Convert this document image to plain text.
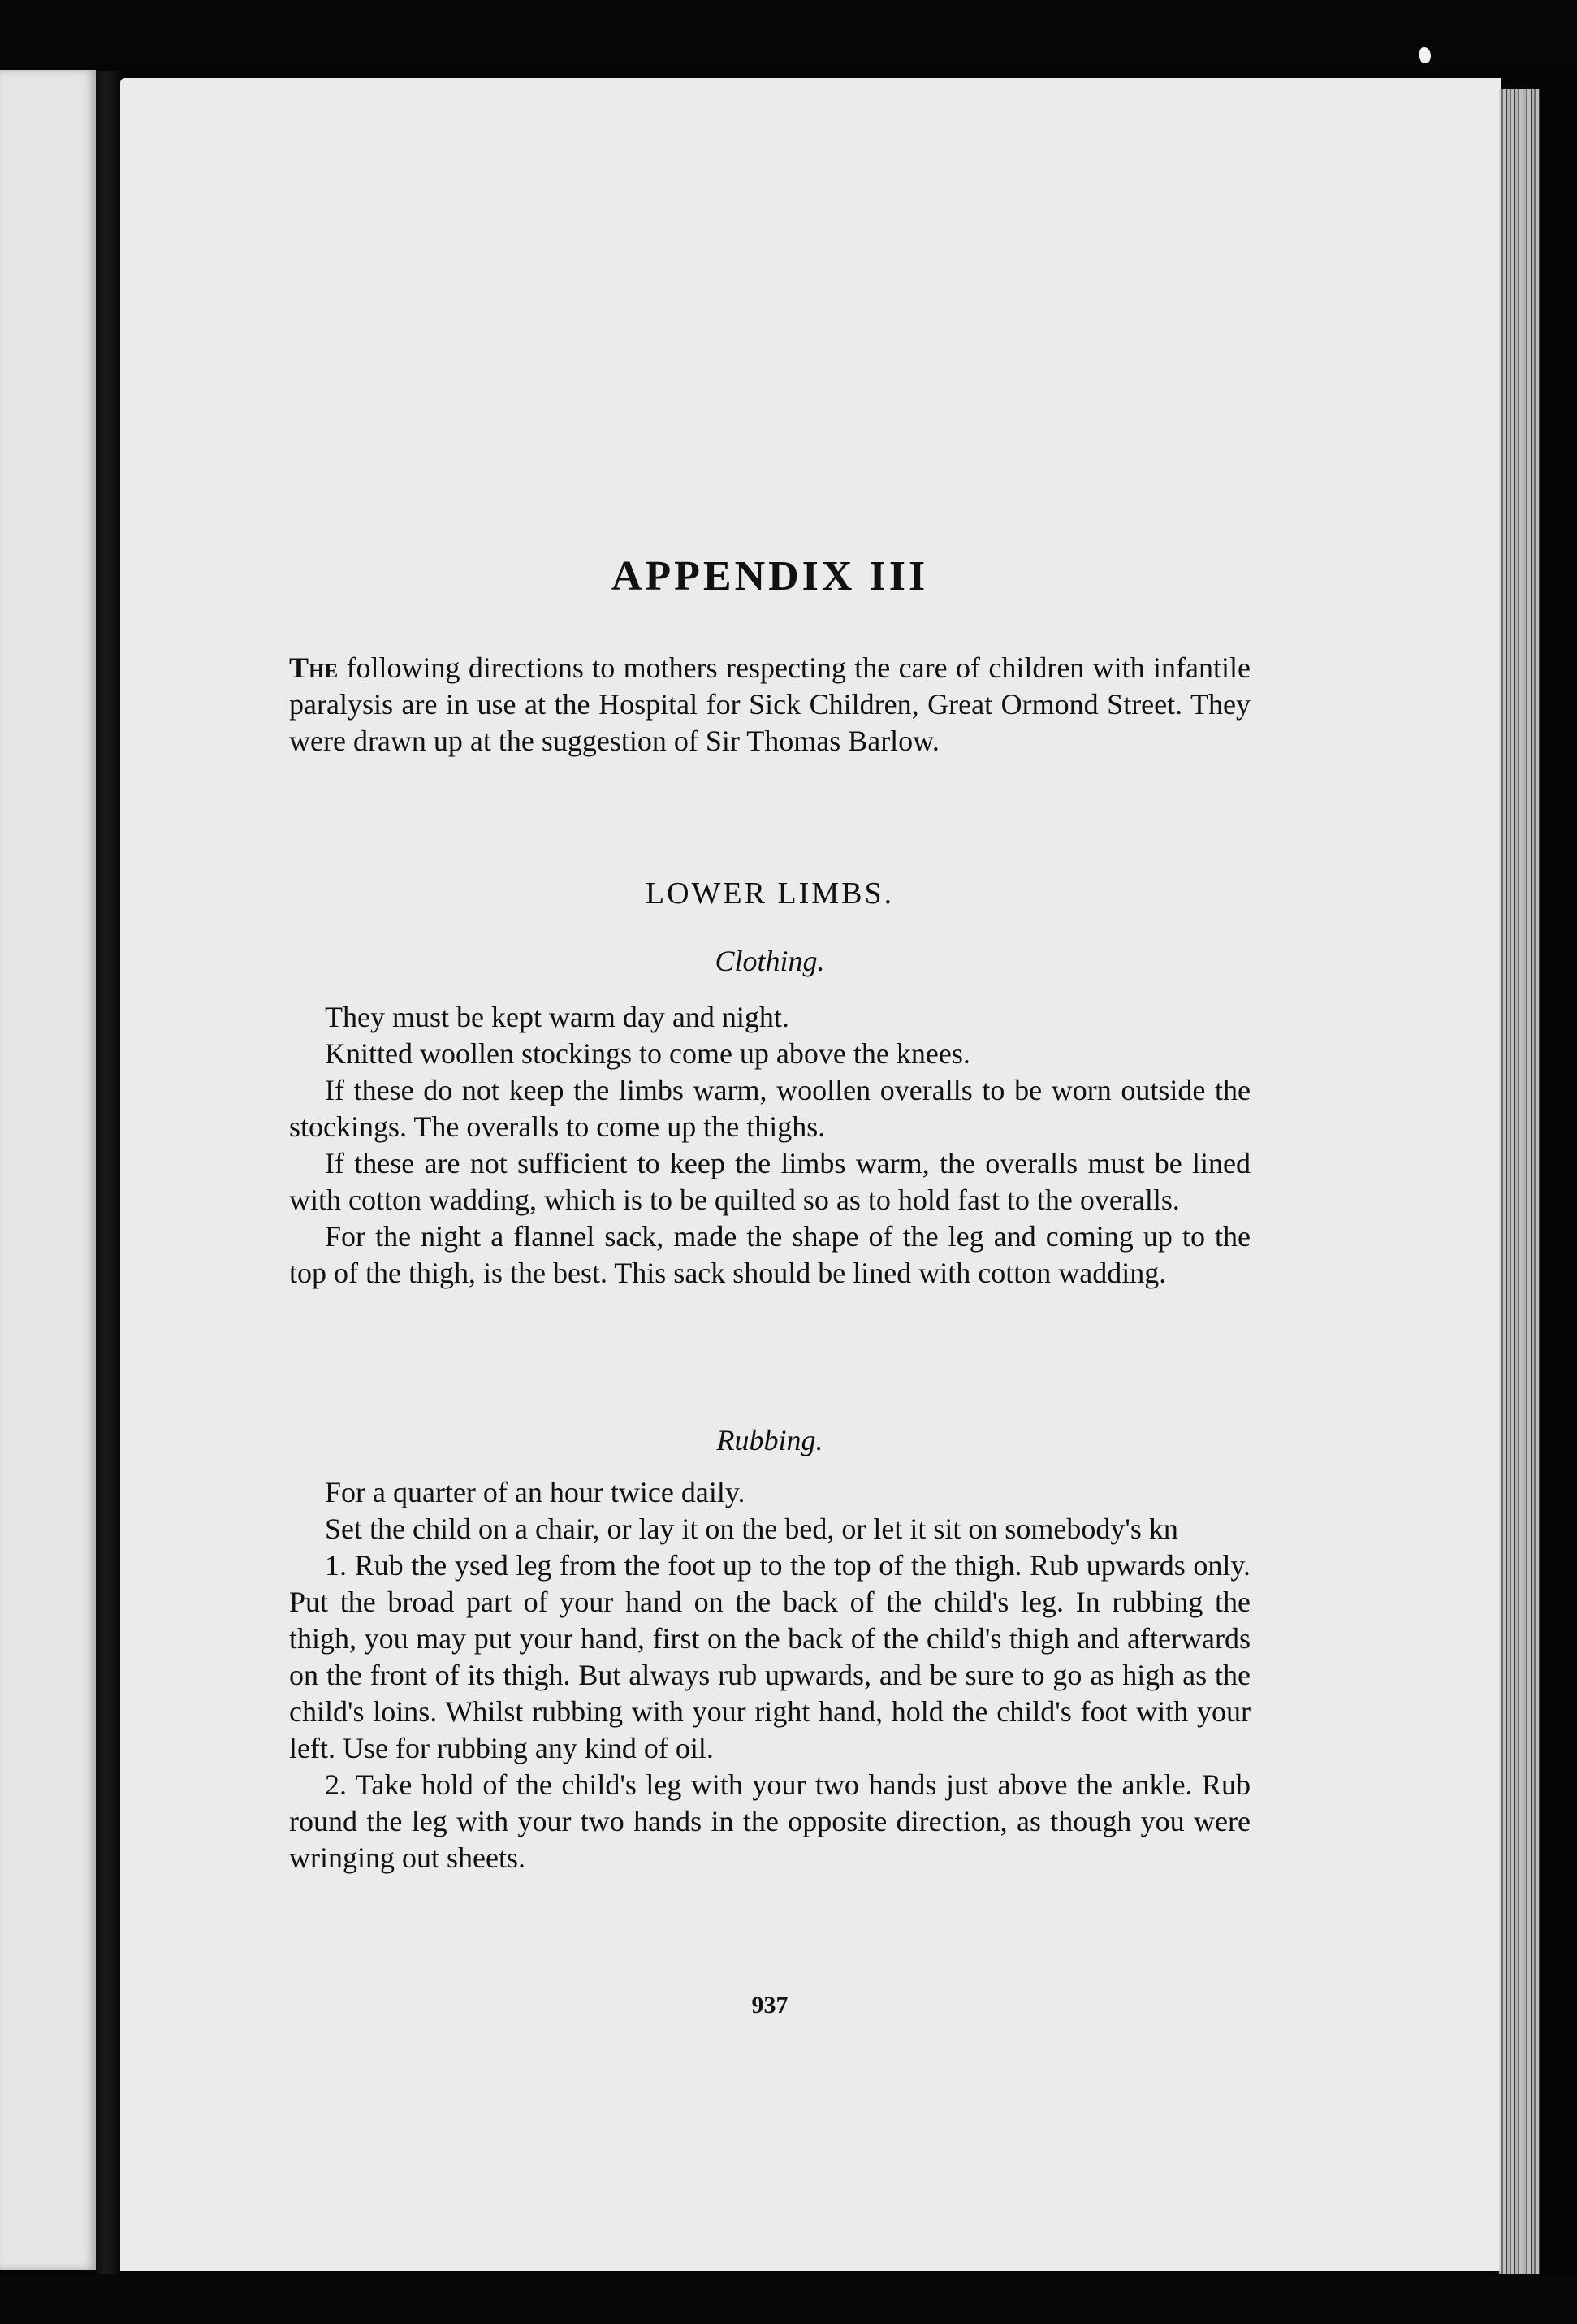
APPENDIX III
The following directions to mothers respecting the care of children with infantile paralysis are in use at the Hospital for Sick Children, Great Ormond Street. They were drawn up at the suggestion of Sir Thomas Barlow.
LOWER LIMBS.
Clothing.

They must be kept warm day and night.

Knitted woollen stockings to come up above the knees.

If these do not keep the limbs warm, woollen overalls to be worn outside the stockings. The overalls to come up the thighs.

If these are not sufficient to keep the limbs warm, the overalls must be lined with cotton wadding, which is to be quilted so as to hold fast to the overalls.

For the night a flannel sack, made the shape of the leg and coming up to the top of the thigh, is the best. This sack should be lined with cotton wadding.

Rubbing.

For a quarter of an hour twice daily.

Set the child on a chair, or lay it on the bed, or let it sit on somebody's kn

1. Rub the ysed leg from the foot up to the top of the thigh. Rub upwards only. Put the broad part of your hand on the back of the child's leg. In rubbing the thigh, you may put your hand, first on the back of the child's thigh and afterwards on the front of its thigh. But always rub upwards, and be sure to go as high as the child's loins. Whilst rubbing with your right hand, hold the child's foot with your left. Use for rubbing any kind of oil.

2. Take hold of the child's leg with your two hands just above the ankle. Rub round the leg with your two hands in the opposite direction, as though you were wringing out sheets.

937
